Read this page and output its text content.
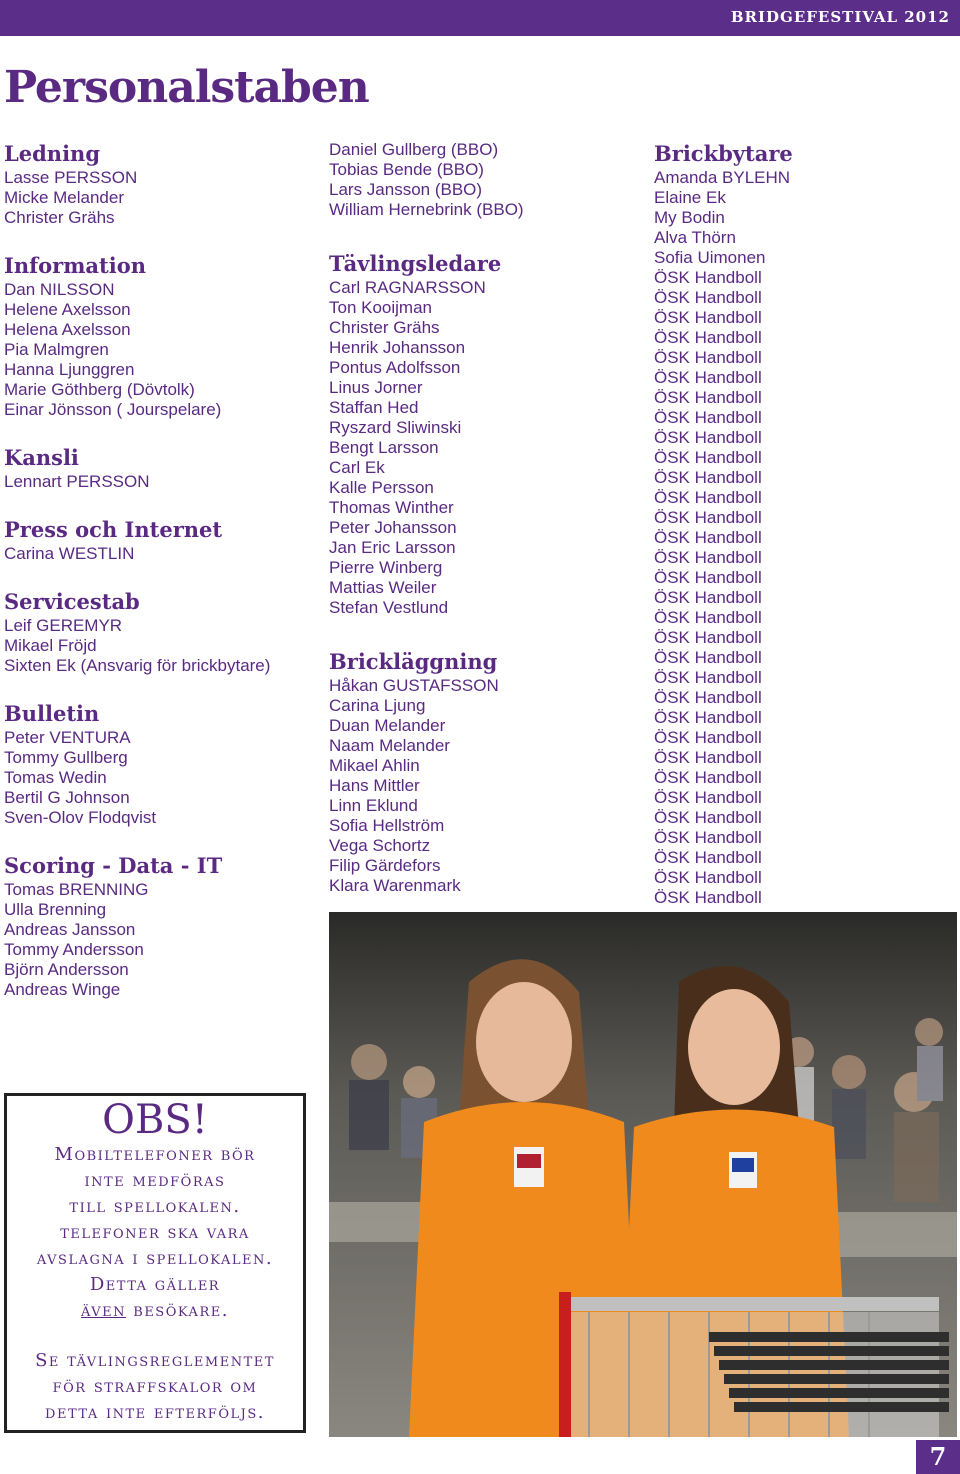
BRIDGEFESTIVAL 2012
Personalstaben
Ledning
Lasse PERSSON
Micke Melander
Christer Grähs
Information
Dan NILSSON
Helene Axelsson
Helena Axelsson
Pia Malmgren
Hanna Ljunggren
Marie Göthberg (Dövtolk)
Einar Jönsson ( Jourspelare)
Kansli
Lennart PERSSON
Press och Internet
Carina WESTLIN
Servicestab
Leif GEREMYR
Mikael Fröjd
Sixten Ek (Ansvarig för brickbytare)
Bulletin
Peter VENTURA
Tommy Gullberg
Tomas Wedin
Bertil G Johnson
Sven-Olov Flodqvist
Scoring - Data - IT
Tomas BRENNING
Ulla Brenning
Andreas Jansson
Tommy Andersson
Björn Andersson
Andreas Winge
Daniel Gullberg (BBO)
Tobias Bende (BBO)
Lars Jansson (BBO)
William Hernebrink (BBO)
Tävlingsledare
Carl RAGNARSSON
Ton Kooijman
Christer Grähs
Henrik Johansson
Pontus Adolfsson
Linus Jorner
Staffan Hed
Ryszard Sliwinski
Bengt Larsson
Carl Ek
Kalle Persson
Thomas Winther
Peter Johansson
Jan Eric Larsson
Pierre Winberg
Mattias Weiler
Stefan Vestlund
Brickläggning
Håkan GUSTAFSSON
Carina Ljung
Duan Melander
Naam Melander
Mikael Ahlin
Hans Mittler
Linn Eklund
Sofia Hellström
Vega Schortz
Filip Gärdefors
Klara Warenmark
Brickbytare
Amanda BYLEHN
Elaine Ek
My Bodin
Alva Thörn
Sofia Uimonen
ÖSK Handboll
ÖSK Handboll
ÖSK Handboll
ÖSK Handboll
ÖSK Handboll
ÖSK Handboll
ÖSK Handboll
ÖSK Handboll
ÖSK Handboll
ÖSK Handboll
ÖSK Handboll
ÖSK Handboll
ÖSK Handboll
ÖSK Handboll
ÖSK Handboll
ÖSK Handboll
ÖSK Handboll
ÖSK Handboll
ÖSK Handboll
ÖSK Handboll
ÖSK Handboll
ÖSK Handboll
ÖSK Handboll
ÖSK Handboll
ÖSK Handboll
ÖSK Handboll
ÖSK Handboll
ÖSK Handboll
ÖSK Handboll
ÖSK Handboll
ÖSK Handboll
ÖSK Handboll
OBS!
Mobiltelefoner bör
inte medföras
till spellokalen.
telefoner ska vara
avslagna i spellokalen.
Detta gäller
även besökare.
Se tävlingsreglementet
för straffskalor om
detta inte efterföljs.
7
